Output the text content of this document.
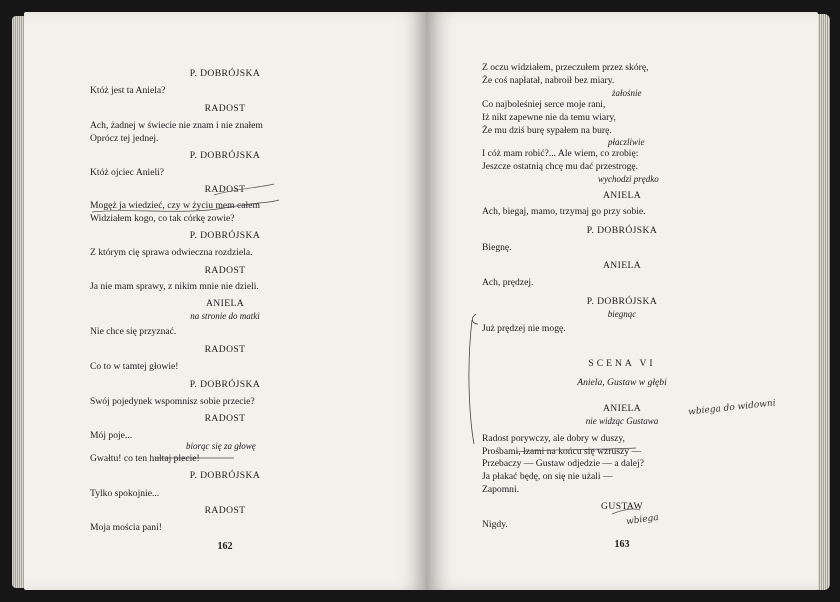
P. DOBRÓJSKA
Któż jest ta Aniela?
RADOST
Ach, żadnej w świecie nie znam i nie znałem
Oprócz tej jednej.
P. DOBRÓJSKA
Któż ojciec Anieli?
RADOST
Mogęż ja wiedzieć, czy w życiu mem całem
Widziałem kogo, co tak córkę zowie?
P. DOBRÓJSKA
Z którym cię sprawa odwieczna rozdziela.
RADOST
Ja nie mam sprawy, z nikim mnie nie dzieli.
ANIELA
na stronie do matki
Nie chce się przyznać.
RADOST
Co to w tamtej głowie!
P. DOBRÓJSKA
Swój pojedynek wspomnisz sobie przecie?
RADOST
Mój poje...
biorąc się za głowę
Gwałtu! co ten hultaj plecie!
P. DOBRÓJSKA
Tylko spokojnie...
RADOST
Moja mościa pani!
162
Z oczu widziałem, przeczułem przez skórę,
Że coś napłatał, nabroił bez miary.
żałośnie
Co najboleśniej serce moje rani,
Iż nikt zapewne nie da temu wiary,
Że mu dziś burę sypałem na burę.
płaczliwie
I cóż mam robić?... Ale wiem, co zrobię:
Jeszcze ostatnią chcę mu dać przestrogę.
wychodzi prędko
ANIELA
Ach, biegaj, mamo, trzymaj go przy sobie.
P. DOBRÓJSKA
Biegnę.
ANIELA
Ach, prędzej.
P. DOBRÓJSKA
biegnąc
Już prędzej nie mogę.
SCENA VI
Aniela, Gustaw w głębi
ANIELA
nie widząc Gustawa
Radost porywczy, ale dobry w duszy,
Prośbami, łzami na końcu się wzruszy —
Przebaczy — Gustaw odjedzie — a dalej?
Ja płakać będę, on się nie użali —
Zapomni.
GUSTAW
Nigdy.
163
wbiega do widowni
wbiega
